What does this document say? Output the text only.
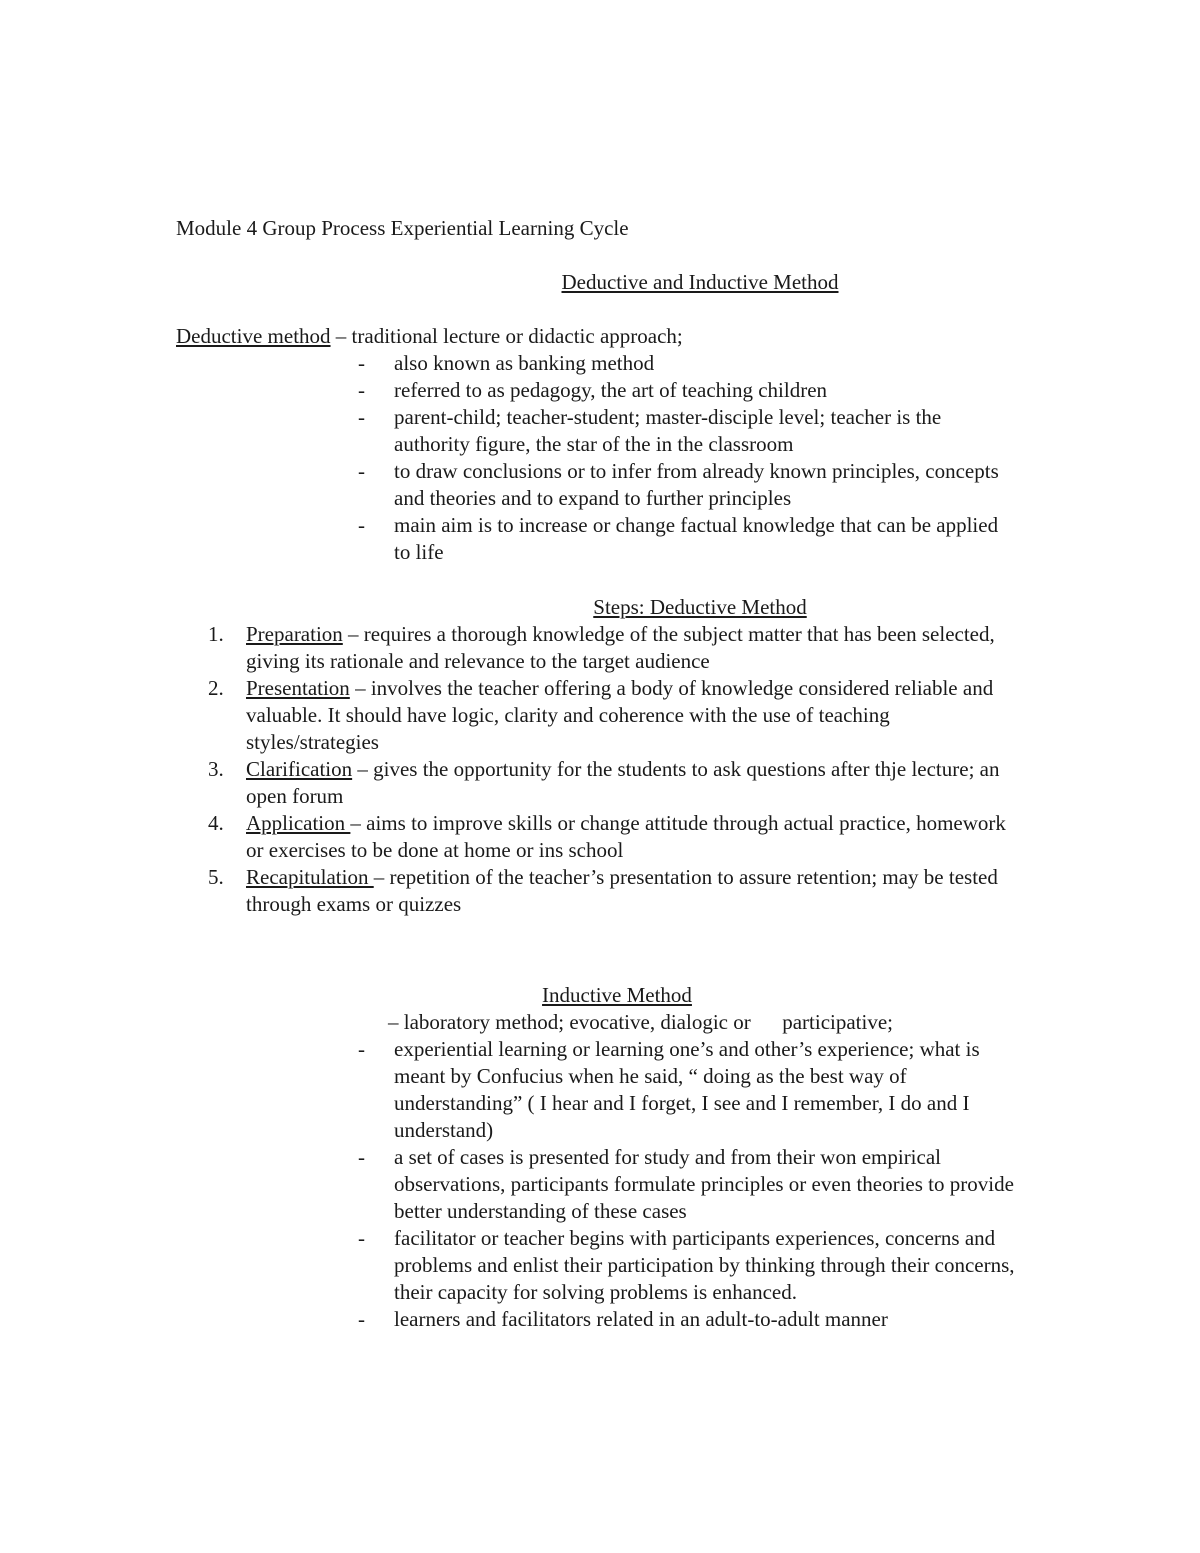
Module 4 Group Process Experiential Learning Cycle
Deductive and Inductive Method
Deductive method – traditional lecture or didactic approach;
- also known as banking method
- referred to as pedagogy, the art of teaching children
- parent-child; teacher-student; master-disciple level; teacher is the authority figure, the star of the in the classroom
- to draw conclusions or to infer from already known principles, concepts and theories and to expand to further principles
- main aim is to increase or change factual knowledge that can be applied to life
Steps: Deductive Method
1. Preparation – requires a thorough knowledge of the subject matter that has been selected, giving its rationale and relevance to the target audience
2. Presentation – involves the teacher offering a body of knowledge considered reliable and valuable. It should have logic, clarity and coherence with the use of teaching styles/strategies
3. Clarification – gives the opportunity for the students to ask questions after thje lecture; an open forum
4. Application – aims to improve skills or change attitude through actual practice, homework or exercises to be done at home or ins school
5. Recapitulation – repetition of the teacher’s presentation to assure retention; may be tested through exams or quizzes
Inductive Method
– laboratory method; evocative, dialogic or      participative;
- experiential learning or learning one’s and other’s experience; what is meant by Confucius when he said, “ doing as the best way of understanding” ( I hear and I forget, I see and I remember, I do and I understand)
- a set of cases is presented for study and from their won empirical observations, participants formulate principles or even theories to provide better understanding of these cases
- facilitator or teacher begins with participants experiences, concerns and problems and enlist their participation by thinking through their concerns, their capacity for solving problems is enhanced.
- learners and facilitators related in an adult-to-adult manner
